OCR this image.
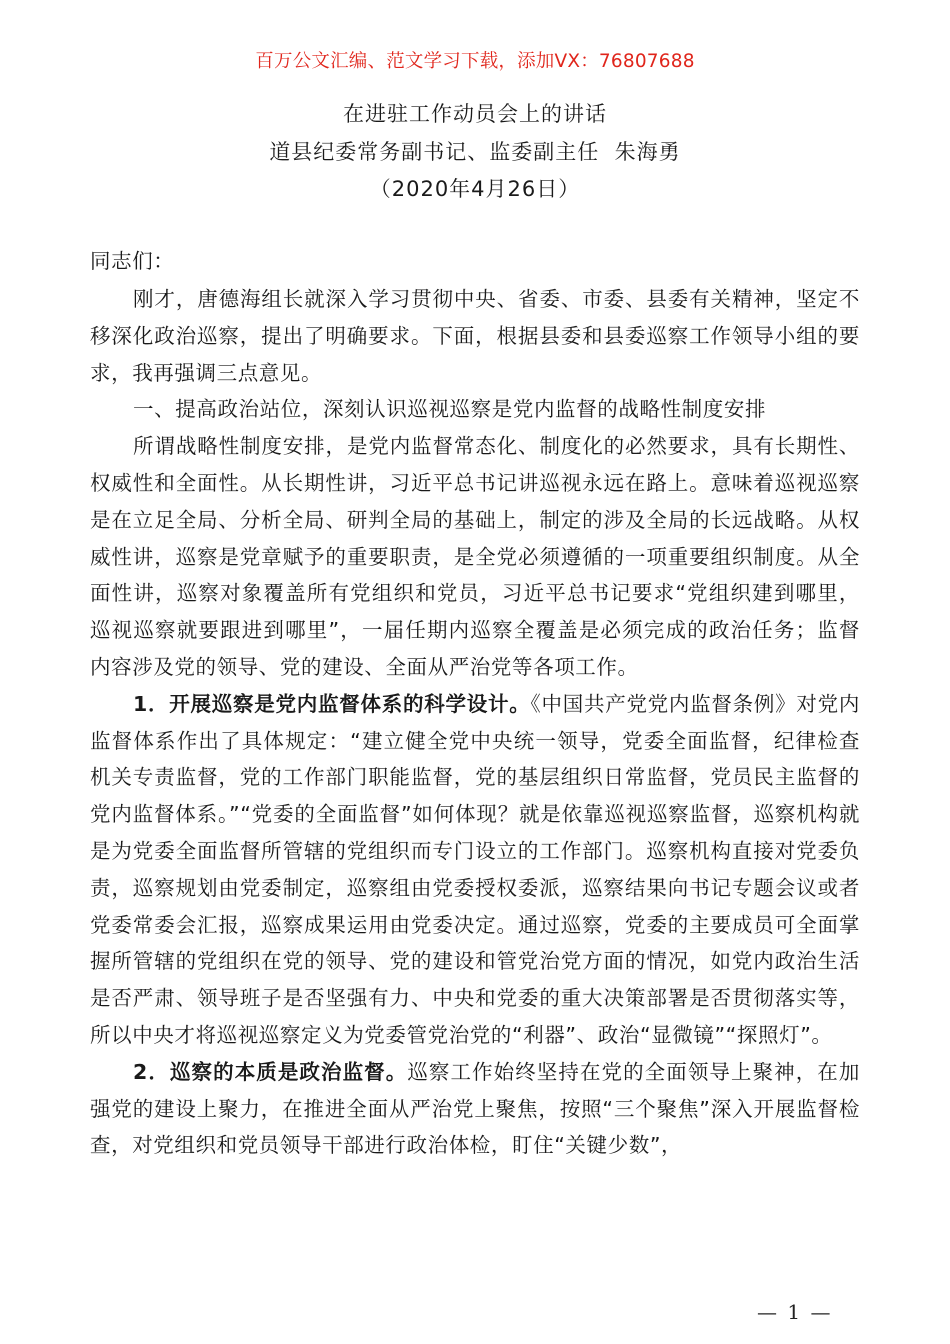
百万公文汇编、范文学习下载，添加VX：76807688
在进驻工作动员会上的讲话
道县纪委常务副书记、监委副主任  朱海勇
（2020年4月26日）
同志们：

刚才，唐德海组长就深入学习贯彻中央、省委、市委、县委有关精神，坚定不移深化政治巡察，提出了明确要求。下面，根据县委和县委巡察工作领导小组的要求，我再强调三点意见。

一、提高政治站位，深刻认识巡视巡察是党内监督的战略性制度安排

所谓战略性制度安排，是党内监督常态化、制度化的必然要求，具有长期性、权威性和全面性。从长期性讲，习近平总书记讲巡视永远在路上。意味着巡视巡察是在立足全局、分析全局、研判全局的基础上，制定的涉及全局的长远战略。从权威性讲，巡察是党章赋予的重要职责，是全党必须遵循的一项重要组织制度。从全面性讲，巡察对象覆盖所有党组织和党员，习近平总书记要求“党组织建到哪里，巡视巡察就要跟进到哪里”，一届任期内巡察全覆盖是必须完成的政治任务；监督内容涉及党的领导、党的建设、全面从严治党等各项工作。

1．开展巡察是党内监督体系的科学设计。《中国共产党党内监督条例》对党内监督体系作出了具体规定：“建立健全党中央统一领导，党委全面监督，纪律检查机关专责监督，党的工作部门职能监督，党的基层组织日常监督，党员民主监督的党内监督体系。”“党委的全面监督”如何体现？就是依靠巡视巡察监督，巡察机构就是为党委全面监督所管辖的党组织而专门设立的工作部门。巡察机构直接对党委负责，巡察规划由党委制定，巡察组由党委授权委派，巡察结果向书记专题会议或者党委常委会汇报，巡察成果运用由党委决定。通过巡察，党委的主要成员可全面掌握所管辖的党组织在党的领导、党的建设和管党治党方面的情况，如党内政治生活是否严肃、领导班子是否坚强有力、中央和党委的重大决策部署是否贯彻落实等，所以中央才将巡视巡察定义为党委管党治党的“利器”、政治“显微镜”“探照灯”。

2．巡察的本质是政治监督。巡察工作始终坚持在党的全面领导上聚神，在加强党的建设上聚力，在推进全面从严治党上聚焦，按照“三个聚焦”深入开展监督检查，对党组织和党员领导干部进行政治体检，盯住“关键少数”，

— 1 —
